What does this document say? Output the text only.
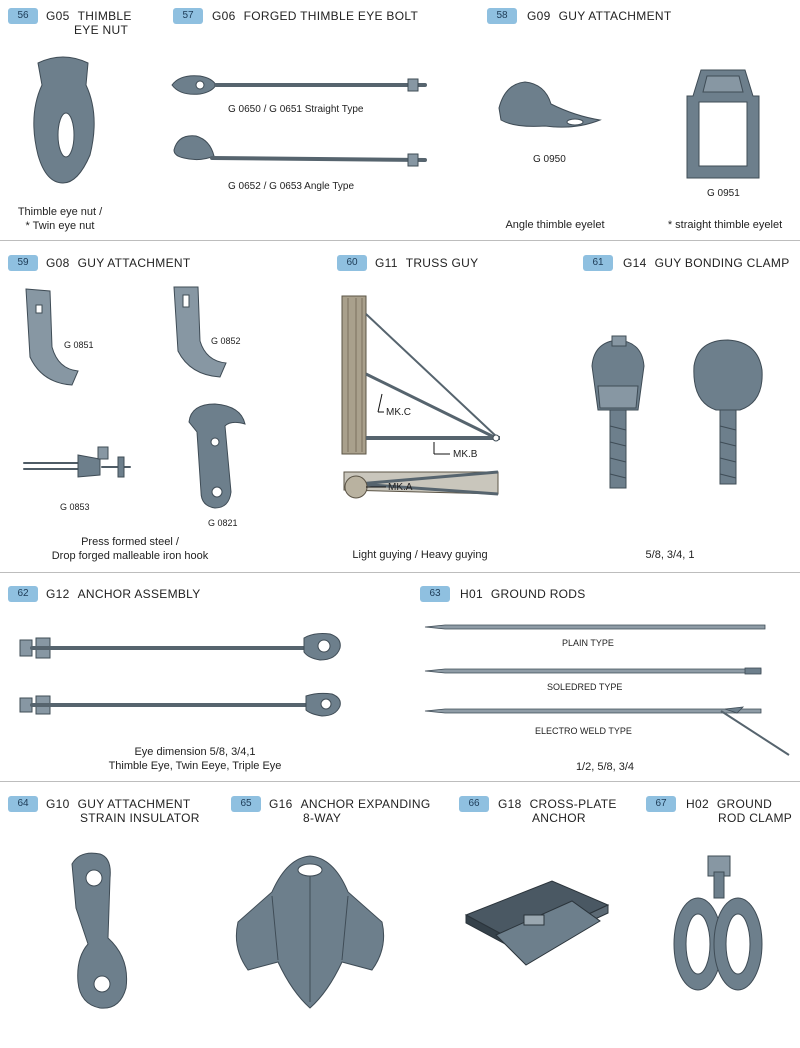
56	G05 THIMBLE
EYE NUT
Thimble eye nut /
* Twin eye nut
57	G06 FORGED THIMBLE EYE BOLT
G 0650 / G 0651 Straight Type
G 0652 / G 0653 Angle Type
58	G09 GUY ATTACHMENT
G 0950
G 0951
Angle thimble eyelet	* straight thimble eyelet
59	G08 GUY ATTACHMENT
G 0851	G 0852
G 0853
G 0821
Press formed steel /
Drop forged malleable iron hook
60	G11 TRUSS GUY
MK.C
MK.B
MK.A
Light guying / Heavy guying
61	G14 GUY BONDING CLAMP
5/8, 3/4, 1
62	G12 ANCHOR ASSEMBLY
Eye dimension 5/8, 3/4,1
Thimble Eye, Twin Eeye, Triple Eye
63	H01 GROUND RODS
PLAIN TYPE
SOLEDRED TYPE
ELECTRO WELD TYPE
1/2, 5/8, 3/4
64	G10 GUY ATTACHMENT
STRAIN INSULATOR
65	G16 ANCHOR EXPANDING
8-WAY
66	G18 CROSS-PLATE
ANCHOR
67	H02 GROUND
ROD CLAMP
